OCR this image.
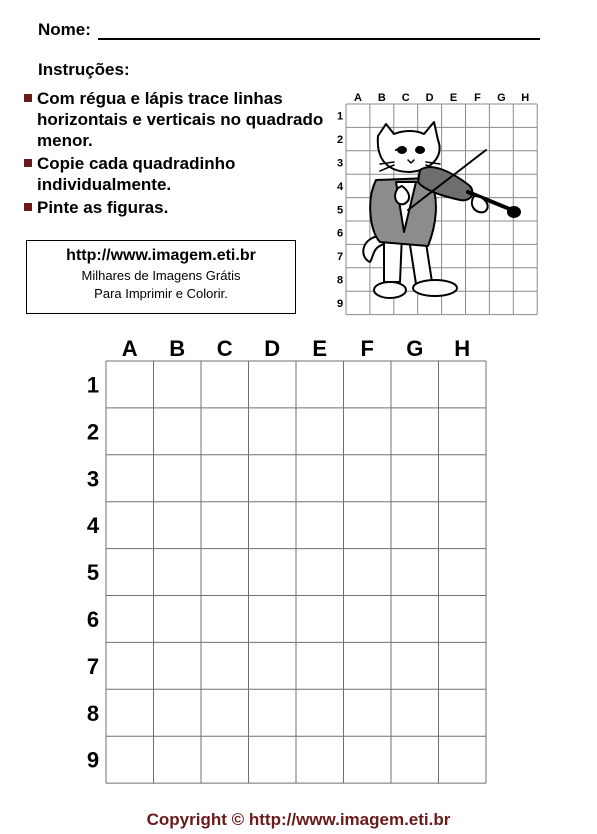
Nome:
Instruções:
Com régua e lápis trace linhas horizontais e verticais no quadrado menor.
Copie cada quadradinho individualmente.
Pinte as figuras.
http://www.imagem.eti.br
Milhares de Imagens Grátis
Para Imprimir e Colorir.
A B C D E F G H
1
2
3
4
5
6
7
8
9
A B C D E F G H
1
2
3
4
5
6
7
8
9
Copyright © http://www.imagem.eti.br
